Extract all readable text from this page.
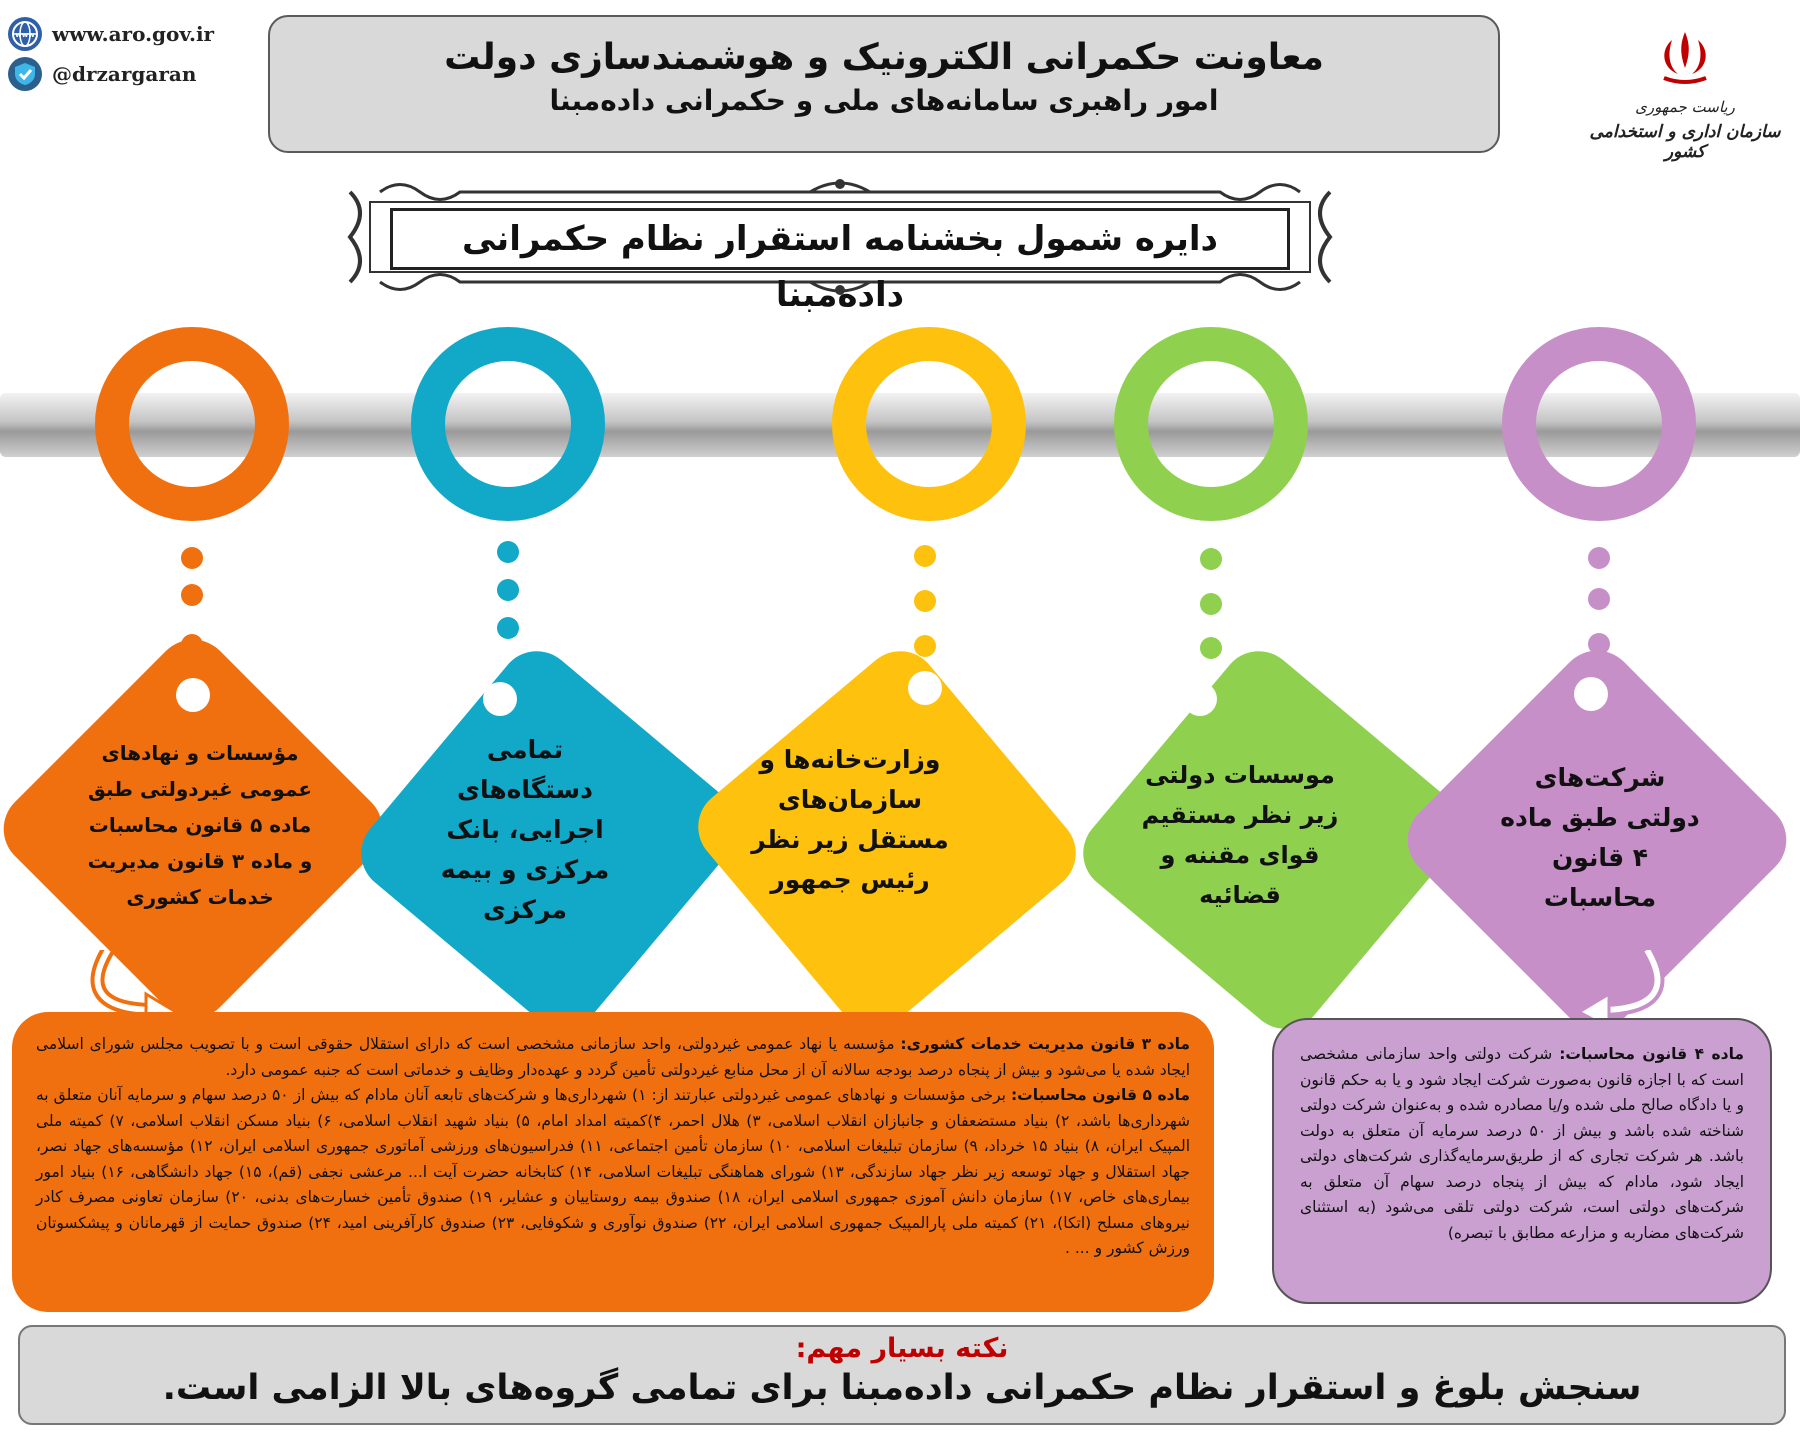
www www.aro.gov.ir
@drzargaran	معاونت حکمرانی الکترونیک و هوشمندسازی دولت
امور راهبری سامانه‌های ملی و حکمرانی داده‌مبنا	ریاست جمهوری
سازمان اداری و استخدامی کشور
دایره شمول بخشنامه استقرار نظام حکمرانی داده‌مبنا
مؤسسات و نهادهای عمومی غیردولتی طبق ماده ۵ قانون محاسبات و ماده ۳ قانون مدیریت خدمات کشوری
تمامی دستگاه‌های اجرایی، بانک مرکزی و بیمه مرکزی
وزارت‌خانه‌ها و سازمان‌های مستقل زیر نظر رئیس جمهور
موسسات دولتی زیر نظر مستقیم قوای مقننه و قضائیه
شرکت‌های دولتی طبق ماده ۴ قانون محاسبات
ماده ۳ قانون مدیریت خدمات کشوری: مؤسسه یا نهاد عمومی غیردولتی، واحد سازمانی مشخصی است که دارای استقلال حقوقی است و با تصویب مجلس شورای اسلامی ایجاد شده یا می‌شود و بیش از پنجاه درصد بودجه سالانه آن از محل منابع غیردولتی تأمین گردد و عهده‌دار وظایف و خدماتی است که جنبه عمومی دارد.
ماده ۵ قانون محاسبات: برخی مؤسسات و نهادهای عمومی غیردولتی عبارتند از: ۱) شهرداری‌ها و شرکت‌های تابعه آنان مادام که بیش از ۵۰ درصد سهام و سرمایه آنان متعلق به شهرداری‌ها باشد، ۲) بنیاد مستضعفان و جانبازان انقلاب اسلامی، ۳) هلال احمر، ۴)کمیته امداد امام، ۵) بنیاد شهید انقلاب اسلامی، ۶) بنیاد مسکن انقلاب اسلامی، ۷) کمیته ملی المپیک ایران، ۸) بنیاد ۱۵ خرداد، ۹) سازمان تبلیغات اسلامی، ۱۰) سازمان تأمین اجتماعی، ۱۱) فدراسیون‌های ورزشی آماتوری جمهوری اسلامی ایران، ۱۲) مؤسسه‌های جهاد نصر، جهاد استقلال و جهاد توسعه زیر نظر جهاد سازندگی، ۱۳) شورای هماهنگی تبلیغات اسلامی، ۱۴) کتابخانه حضرت آیت ا... مرعشی نجفی (قم)، ۱۵) جهاد دانشگاهی، ۱۶) بنیاد امور بیماری‌های خاص، ۱۷) سازمان دانش آموزی جمهوری اسلامی ایران، ۱۸) صندوق بیمه روستاییان و عشایر، ۱۹) صندوق تأمین خسارت‌های بدنی، ۲۰) سازمان تعاونی مصرف کادر نیروهای مسلح (اتکا)، ۲۱) کمیته ملی پارالمپیک جمهوری اسلامی ایران، ۲۲) صندوق نوآوری و شکوفایی، ۲۳) صندوق کارآفرینی امید، ۲۴) صندوق حمایت از قهرمانان و پیشکسوتان ورزش کشور و ... .
ماده ۴ قانون محاسبات: شرکت دولتی واحد سازمانی مشخصی است که با اجازه قانون به‌صورت شرکت ایجاد شود و یا به حکم قانون و یا دادگاه صالح ملی شده و/یا مصادره شده و به‌عنوان شرکت دولتی شناخته شده باشد و بیش از ۵۰ درصد سرمایه آن متعلق به دولت باشد. هر شرکت تجاری که از طریق‌سرمایه‌گذاری شرکت‌های دولتی ایجاد شود، مادام که بیش از پنجاه درصد سهام آن متعلق به شرکت‌های دولتی است، شرکت دولتی تلقی می‌شود (به استثنای شرکت‌های مضاربه و مزارعه مطابق با تبصره)
نکته بسیار مهم:
سنجش بلوغ و استقرار نظام حکمرانی داده‌مبنا برای تمامی گروه‌های بالا الزامی است.
